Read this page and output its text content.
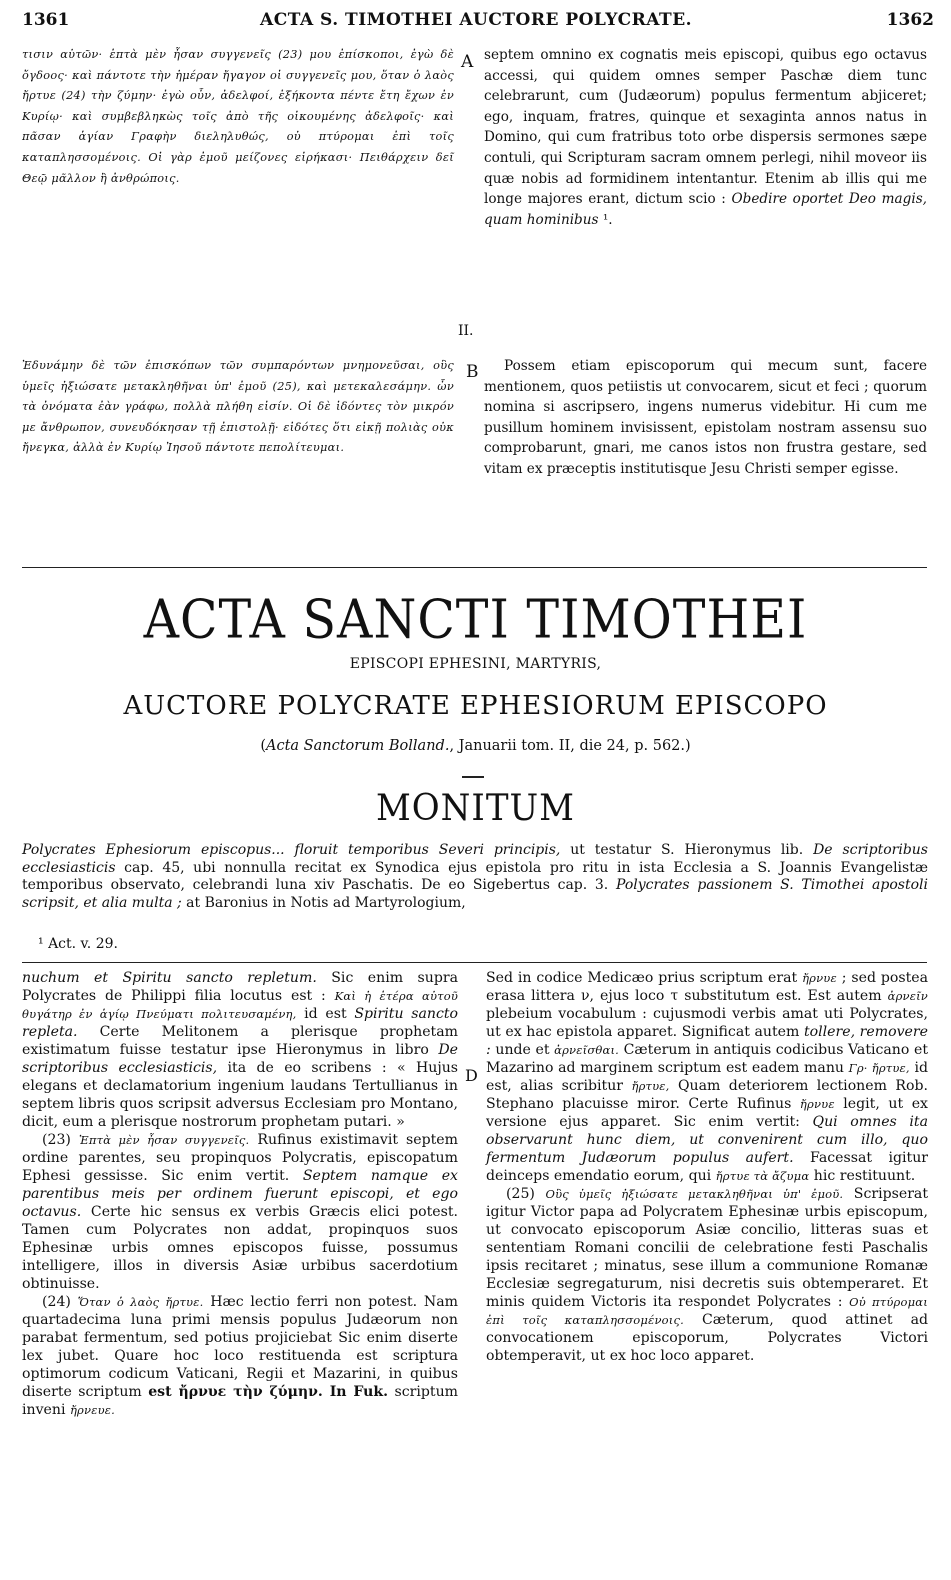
1361	ACTA S. TIMOTHEI AUCTORE POLYCRATE.	1362

τισιν αὐτῶν· ἑπτὰ μὲν ἦσαν συγγενεῖς (23) μου ἐπίσκοποι, ἐγὼ δὲ ὄγδοος· καὶ πάντοτε τὴν ἡμέραν ἤγαγον οἱ συγγενεῖς μου, ὅταν ὁ λαὸς ἤρτυε (24) τὴν ζύμην· ἐγὼ οὖν, ἀδελφοί, ἑξήκοντα πέντε ἔτη ἔχων ἐν Κυρίῳ· καὶ συμβεβληκὼς τοῖς ἀπὸ τῆς οἰκουμένης ἀδελφοῖς· καὶ πᾶσαν ἁγίαν Γραφὴν διεληλυθώς, οὐ πτύρομαι ἐπὶ τοῖς καταπλησσομένοις. Οἱ γὰρ ἐμοῦ μείζονες εἰρήκασι· Πειθάρχειν δεῖ Θεῷ μᾶλλον ἢ ἀνθρώποις.

A septem omnino ex cognatis meis episcopi, quibus ego octavus accessi, qui quidem omnes semper Paschæ diem tunc celebrarunt, cum (Judæorum) populus fermentum abjiceret; ego, inquam, fratres, quinque et sexaginta annos natus in Domino, qui cum fratribus toto orbe dispersis sermones sæpe contuli, qui Scripturam sacram omnem perlegi, nihil moveor iis quæ nobis ad formidinem intentantur. Etenim ab illis qui me longe majores erant, dictum scio : Obedire oportet Deo magis, quam hominibus ¹.

II.

Ἐδυνάμην δὲ τῶν ἐπισκόπων τῶν συμπαρόντων μνημονεῦσαι, οὓς ὑμεῖς ἠξιώσατε μετακληθῆναι ὑπ' ἐμοῦ (25), καὶ μετεκαλεσάμην. ὧν τὰ ὀνόματα ἐὰν γράφω, πολλὰ πλήθη εἰσίν. Οἱ δὲ ἰδόντες τὸν μικρόν με ἄνθρωπον, συνευδόκησαν τῇ ἐπιστολῇ· εἰδότες ὅτι εἰκῇ πολιὰς οὐκ ἤνεγκα, ἀλλὰ ἐν Κυρίῳ Ἰησοῦ πάντοτε πεπολίτευμαι.

B	Possem etiam episcoporum qui mecum sunt, facere mentionem, quos petiistis ut convocarem, sicut et feci ; quorum nomina si ascripsero, ingens numerus videbitur. Hi cum me pusillum hominem invisissent, epistolam nostram assensu suo comprobarunt, gnari, me canos istos non frustra gestare, sed vitam ex præceptis institutisque Jesu Christi semper egisse.

ACTA SANCTI TIMOTHEI
EPISCOPI EPHESINI, MARTYRIS,
AUCTORE POLYCRATE EPHESIORUM EPISCOPO
(Acta Sanctorum Bolland., Januarii tom. II, die 24, p. 562.)
MONITUM

Polycrates Ephesiorum episcopus... floruit temporibus Severi principis, ut testatur S. Hieronymus lib. De scriptoribus ecclesiasticis cap. 45, ubi nonnulla recitat ex Synodica ejus epistola pro ritu in ista Ecclesia a S. Joannis Evangelistæ temporibus observato, celebrandi luna xiv Paschatis. De eo Sigebertus cap. 3. Polycrates passionem S. Timothei apostoli scripsit, et alia multa ; at Baronius in Notis ad Martyrologium,

¹ Act. v. 29.

nuchum et Spiritu sancto repletum. Sic enim supra Polycrates de Philippi filia locutus est : Καὶ ἡ ἑτέρα αὐτοῦ θυγάτηρ ἐν ἁγίῳ Πνεύματι πολιτευσαμένη, id est Spiritu sancto repleta. Certe Melitonem a plerisque prophetam existimatum fuisse testatur ipse Hieronymus in libro De scriptoribus ecclesiasticis, ita de eo scribens : « Hujus elegans et declamatorium ingenium laudans Tertullianus in septem libris quos scripsit adversus Ecclesiam pro Montano, dicit, eum a plerisque nostrorum prophetam putari. »

(23) Ἑπτὰ μὲν ἦσαν συγγενεῖς. Rufinus existimavit septem ordine parentes, seu propinquos Polycratis, episcopatum Ephesi gessisse. Sic enim vertit. Septem namque ex parentibus meis per ordinem fuerunt episcopi, et ego octavus. Certe hic sensus ex verbis Græcis elici potest. Tamen cum Polycrates non addat, propinquos suos Ephesinæ urbis omnes episcopos fuisse, possumus intelligere, illos in diversis Asiæ urbibus sacerdotium obtinuisse.

(24) Ὅταν ὁ λαὸς ἤρτυε. Hæc lectio ferri non potest. Nam quartadecima luna primi mensis populus Judæorum non parabat fermentum, sed potius projiciebat Sic enim diserte lex jubet. Quare hoc loco restituenda est scriptura optimorum codicum Vaticani, Regii et Mazarini, in quibus diserte scriptum est ἤρνυε τὴν ζύμην. In Fuk. scriptum inveni ἤρνευε.

D

Sed in codice Medicæo prius scriptum erat ἤρνυε ; sed postea erasa littera ν, ejus loco τ substitutum est. Est autem ἀρνεῖν plebeium vocabulum : cujusmodi verbis amat uti Polycrates, ut ex hac epistola apparet. Significat autem tollere, removere : unde et ἀρνεῖσθαι. Cæterum in antiquis codicibus Vaticano et Mazarino ad marginem scriptum est eadem manu Γρ· ἤρτυε, id est, alias scribitur ἤρτυε, Quam deteriorem lectionem Rob. Stephano placuisse miror. Certe Rufinus ἤρνυε legit, ut ex versione ejus apparet. Sic enim vertit: Qui omnes ita observarunt hunc diem, ut convenirent cum illo, quo fermentum Judæorum populus aufert. Facessat igitur deinceps emendatio eorum, qui ἤρτυε τὰ ἄζυμα hic restituunt.

(25) Οὓς ὑμεῖς ἠξιώσατε μετακληθῆναι ὑπ' ἐμοῦ. Scripserat igitur Victor papa ad Polycratem Ephesinæ urbis episcopum, ut convocato episcoporum Asiæ concilio, litteras suas et sententiam Romani concilii de celebratione festi Paschalis ipsis recitaret ; minatus, sese illum a communione Romanæ Ecclesiæ segregaturum, nisi decretis suis obtemperaret. Et minis quidem Victoris ita respondet Polycrates : Οὐ πτύρομαι ἐπὶ τοῖς καταπλησσομένοις. Cæterum, quod attinet ad convocationem episcoporum, Polycrates Victori obtemperavit, ut ex hoc loco apparet.
